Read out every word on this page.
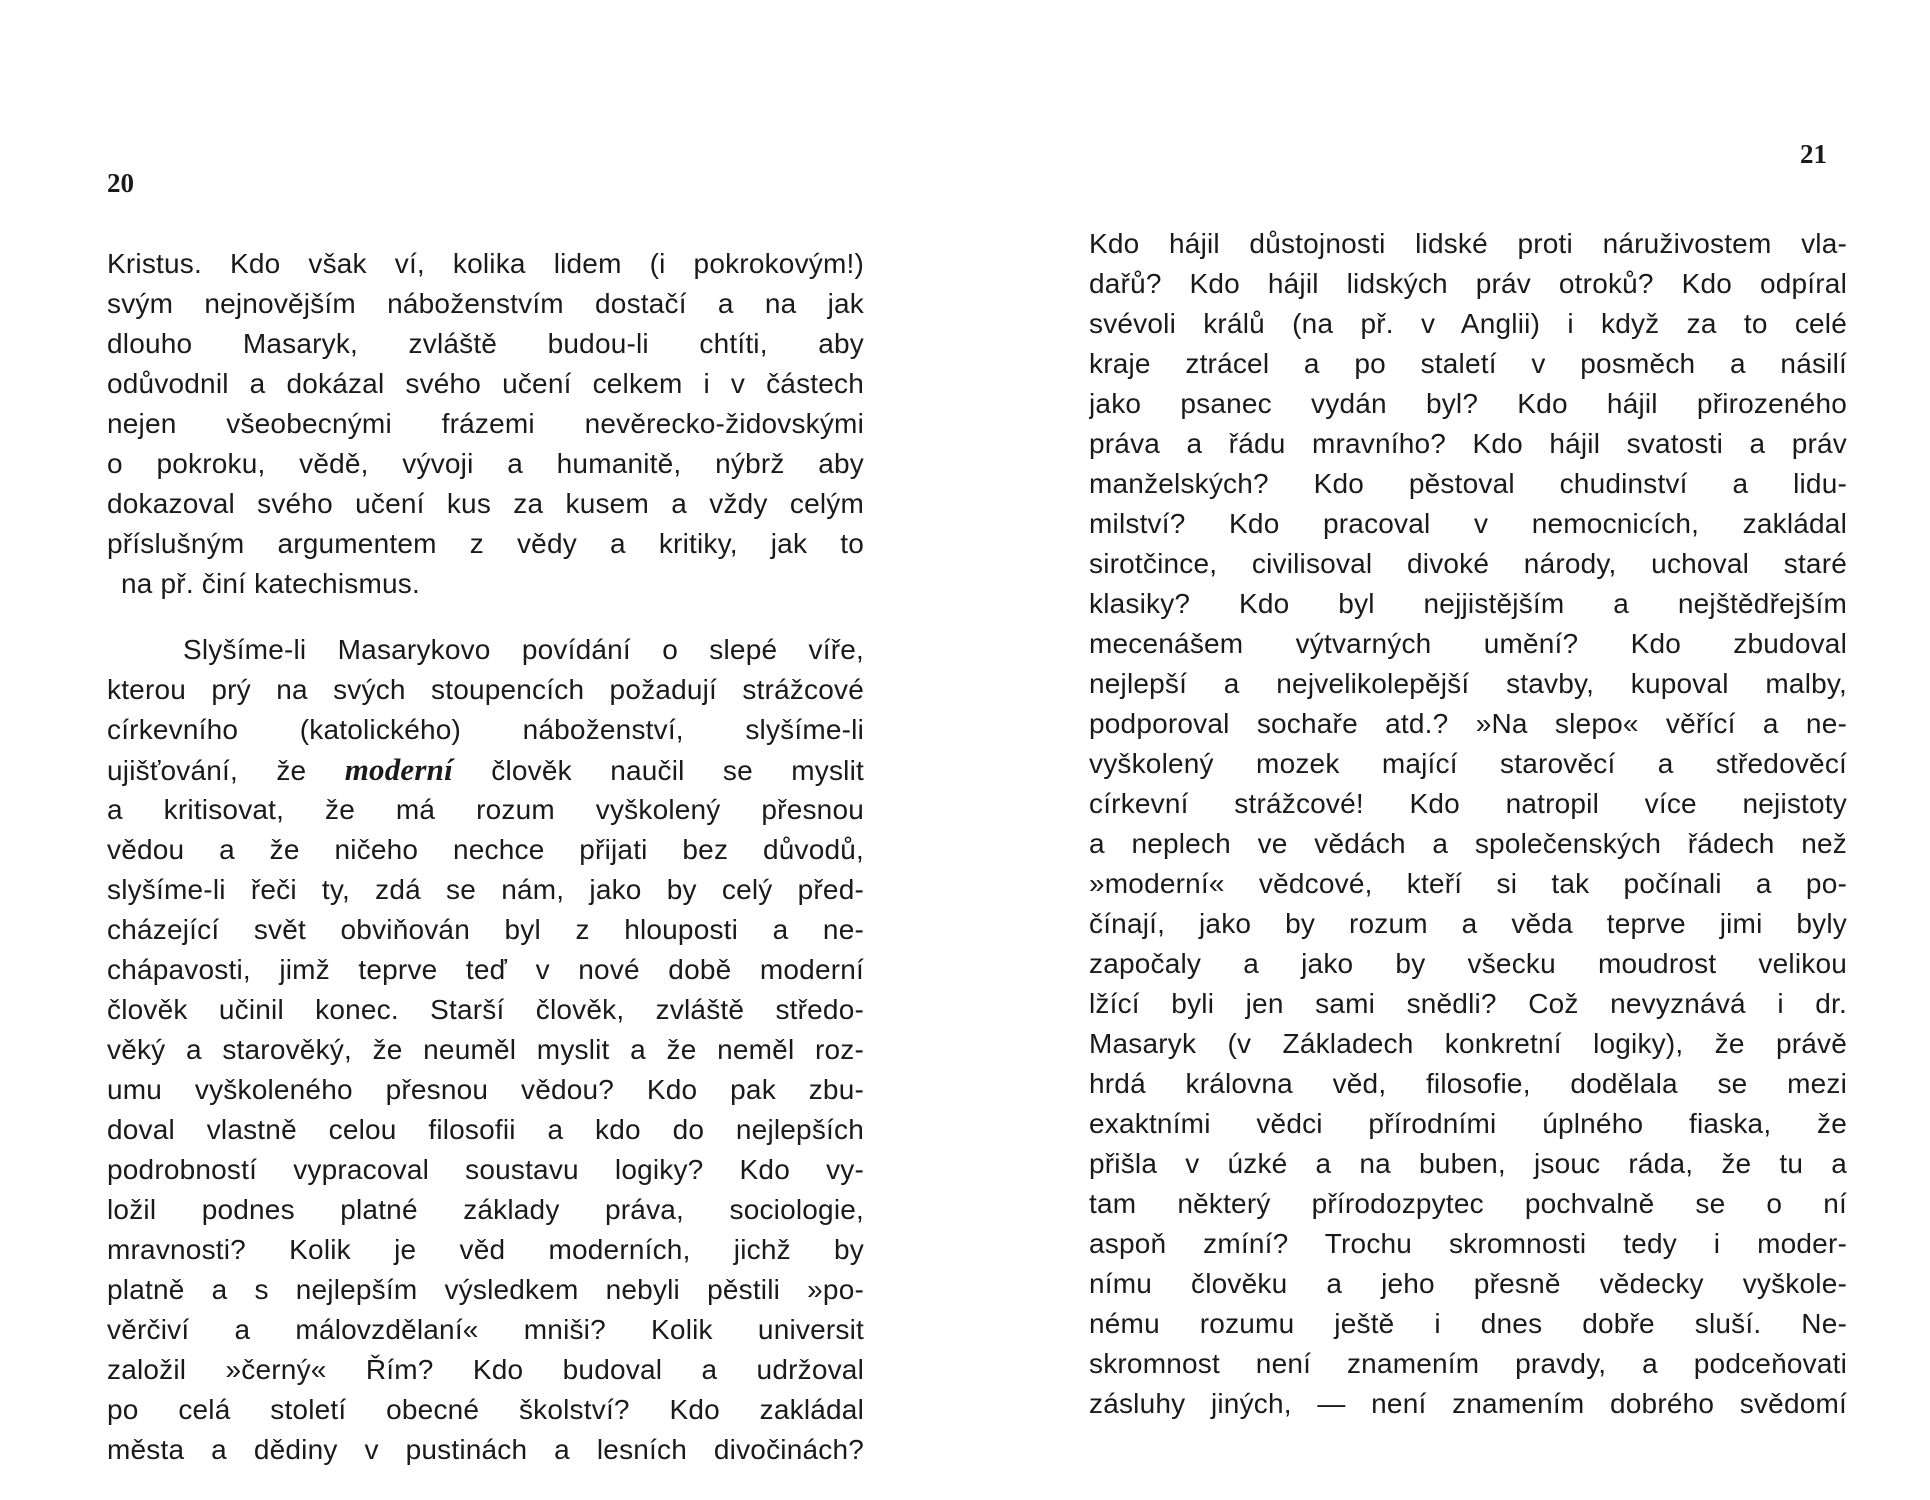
20
Kristus. Kdo však ví, kolika lidem (i pokrokovým!)
svým nejnovějším náboženstvím dostačí a na jak
dlouho Masaryk, zvláště budou-li chtíti, aby
odůvodnil a dokázal svého učení celkem i v částech
nejen všeobecnými frázemi nevěrecko-židovskými
o pokroku, vědě, vývoji a humanitě, nýbrž aby
dokazoval svého učení kus za kusem a vždy celým
příslušným argumentem z vědy a kritiky, jak to
na př. činí katechismus.
Slyšíme-li Masarykovo povídání o slepé víře,
kterou prý na svých stoupencích požadují strážcové
církevního (katolického) náboženství, slyšíme-li
ujišťování, že moderní člověk naučil se myslit
a kritisovat, že má rozum vyškolený přesnou
vědou a že ničeho nechce přijati bez důvodů,
slyšíme-li řeči ty, zdá se nám, jako by celý před-
cházející svět obviňován byl z hlouposti a ne-
chápavosti, jimž teprve teď v nové době moderní
člověk učinil konec. Starší člověk, zvláště středo-
věký a starověký, že neuměl myslit a že neměl roz-
umu vyškoleného přesnou vědou? Kdo pak zbu-
doval vlastně celou filosofii a kdo do nejlepších
podrobností vypracoval soustavu logiky? Kdo vy-
ložil podnes platné základy práva, sociologie,
mravnosti? Kolik je věd moderních, jichž by
platně a s nejlepším výsledkem nebyli pěstili »po-
věrčiví a málovzdělaní« mniši? Kolik universit
založil »černý« Řím? Kdo budoval a udržoval
po celá století obecné školství? Kdo zakládal
města a dědiny v pustinách a lesních divočinách?
21
Kdo hájil důstojnosti lidské proti náruživostem vla-
dařů? Kdo hájil lidských práv otroků? Kdo odpíral
svévoli králů (na př. v Anglii) i když za to celé
kraje ztrácel a po staletí v posměch a násilí
jako psanec vydán byl? Kdo hájil přirozeného
práva a řádu mravního? Kdo hájil svatosti a práv
manželských? Kdo pěstoval chudinství a lidu-
milství? Kdo pracoval v nemocnicích, zakládal
sirotčince, civilisoval divoké národy, uchoval staré
klasiky? Kdo byl nejjistějším a nejštědřejším
mecenášem výtvarných umění? Kdo zbudoval
nejlepší a nejvelikolepější stavby, kupoval malby,
podporoval sochaře atd.? »Na slepo« věřící a ne-
vyškolený mozek mající starověcí a středověcí
církevní strážcové! Kdo natropil více nejistoty
a neplech ve vědách a společenských řádech než
»moderní« vědcové, kteří si tak počínali a po-
čínají, jako by rozum a věda teprve jimi byly
započaly a jako by všecku moudrost velikou
lžící byli jen sami snědli? Což nevyznává i dr.
Masaryk (v Základech konkretní logiky), že právě
hrdá královna věd, filosofie, dodělala se mezi
exaktními vědci přírodními úplného fiaska, že
přišla v úzké a na buben, jsouc ráda, že tu a
tam některý přírodozpytec pochvalně se o ní
aspoň zmíní? Trochu skromnosti tedy i moder-
nímu člověku a jeho přesně vědecky vyškole-
nému rozumu ještě i dnes dobře sluší. Ne-
skromnost není znamením pravdy, a podceňovati
zásluhy jiných, — není znamením dobrého svědomí
